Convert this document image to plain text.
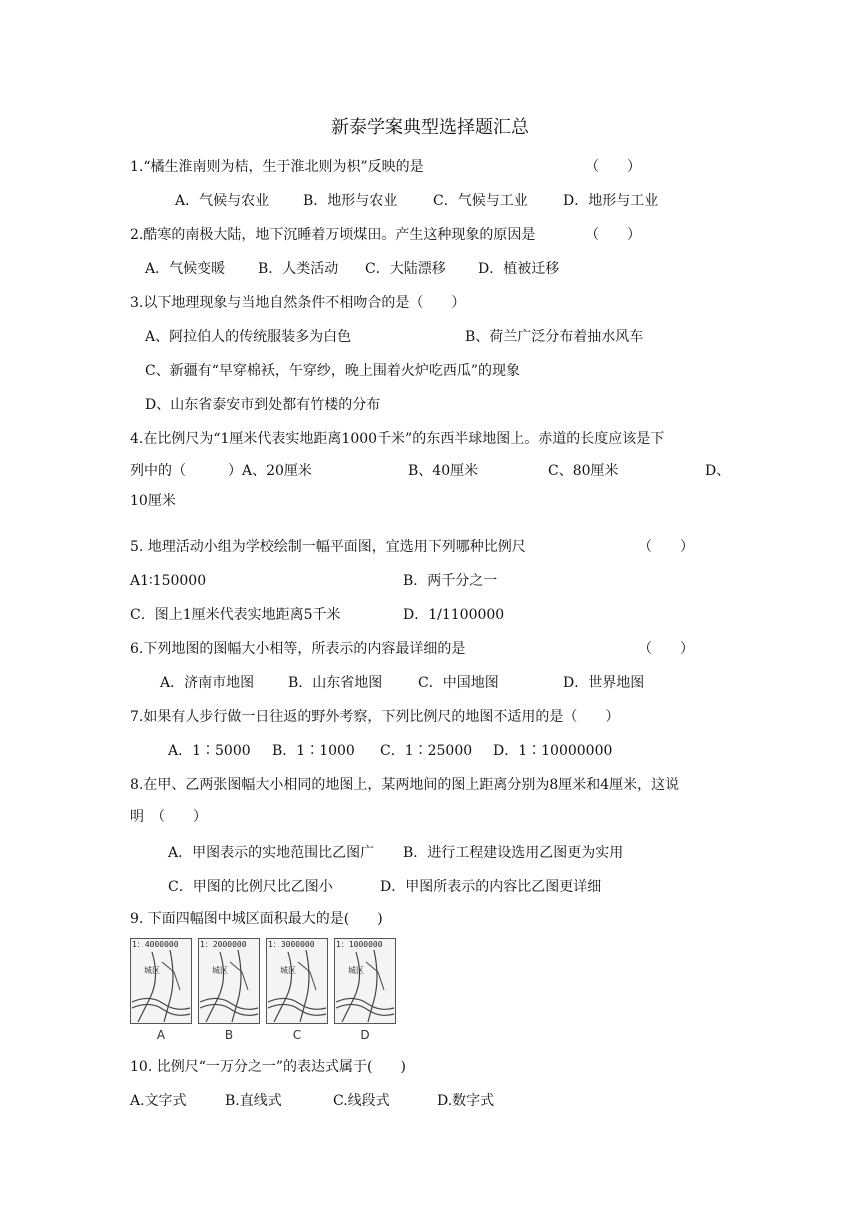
新泰学案典型选择题汇总
1.“橘生淮南则为桔，生于淮北则为枳”反映的是	（　　）
A．气候与农业 B．地形与农业	C．气候与工业	D．地形与工业
2.酷寒的南极大陆，地下沉睡着万顷煤田。产生这种现象的原因是	（　　）
A．气候变暖 B．人类活动 C．大陆漂移 D．植被迁移
3.以下地理现象与当地自然条件不相吻合的是（　　）
A、阿拉伯人的传统服装多为白色	B、荷兰广泛分布着抽水风车
C、新疆有“早穿棉袄，午穿纱，晚上围着火炉吃西瓜”的现象
D、山东省泰安市到处都有竹楼的分布
4.在比例尺为“1厘米代表实地距离1000千米”的东西半球地图上。赤道的长度应该是下
列中的（　　　）A、20厘米	B、40厘米	C、80厘米	D、
10厘米
5. 地理活动小组为学校绘制一幅平面图，宜选用下列哪种比例尺	（　　）
A1∶150000	B．两千分之一
C．图上1厘米代表实地距离5千米	D．1/1100000
6.下列地图的图幅大小相等，所表示的内容最详细的是	（　　）
A．济南市地图 B．山东省地图	C．中国地图	D．世界地图
7.如果有人步行做一日往返的野外考察，下列比例尺的地图不适用的是（　　）
A．1∶5000 B．1∶1000 C．1∶25000 D．1∶10000000
8.在甲、乙两张图幅大小相同的地图上，某两地间的图上距离分别为8厘米和4厘米，这说
明　（　　）
A．甲图表示的实地范围比乙图广 B．进行工程建设选用乙图更为实用
C．甲图的比例尺比乙图小	D．甲图所表示的内容比乙图更详细
9. 下面四幅图中城区面积最大的是(　　)
1：4000000
城区
A
1：2000000
城区
B
1：3000000
城区
C
1：1000000
城区
D
10. 比例尺“一万分之一”的表达式属于(　　)
A.文字式	B.直线式	C.线段式	D.数字式
